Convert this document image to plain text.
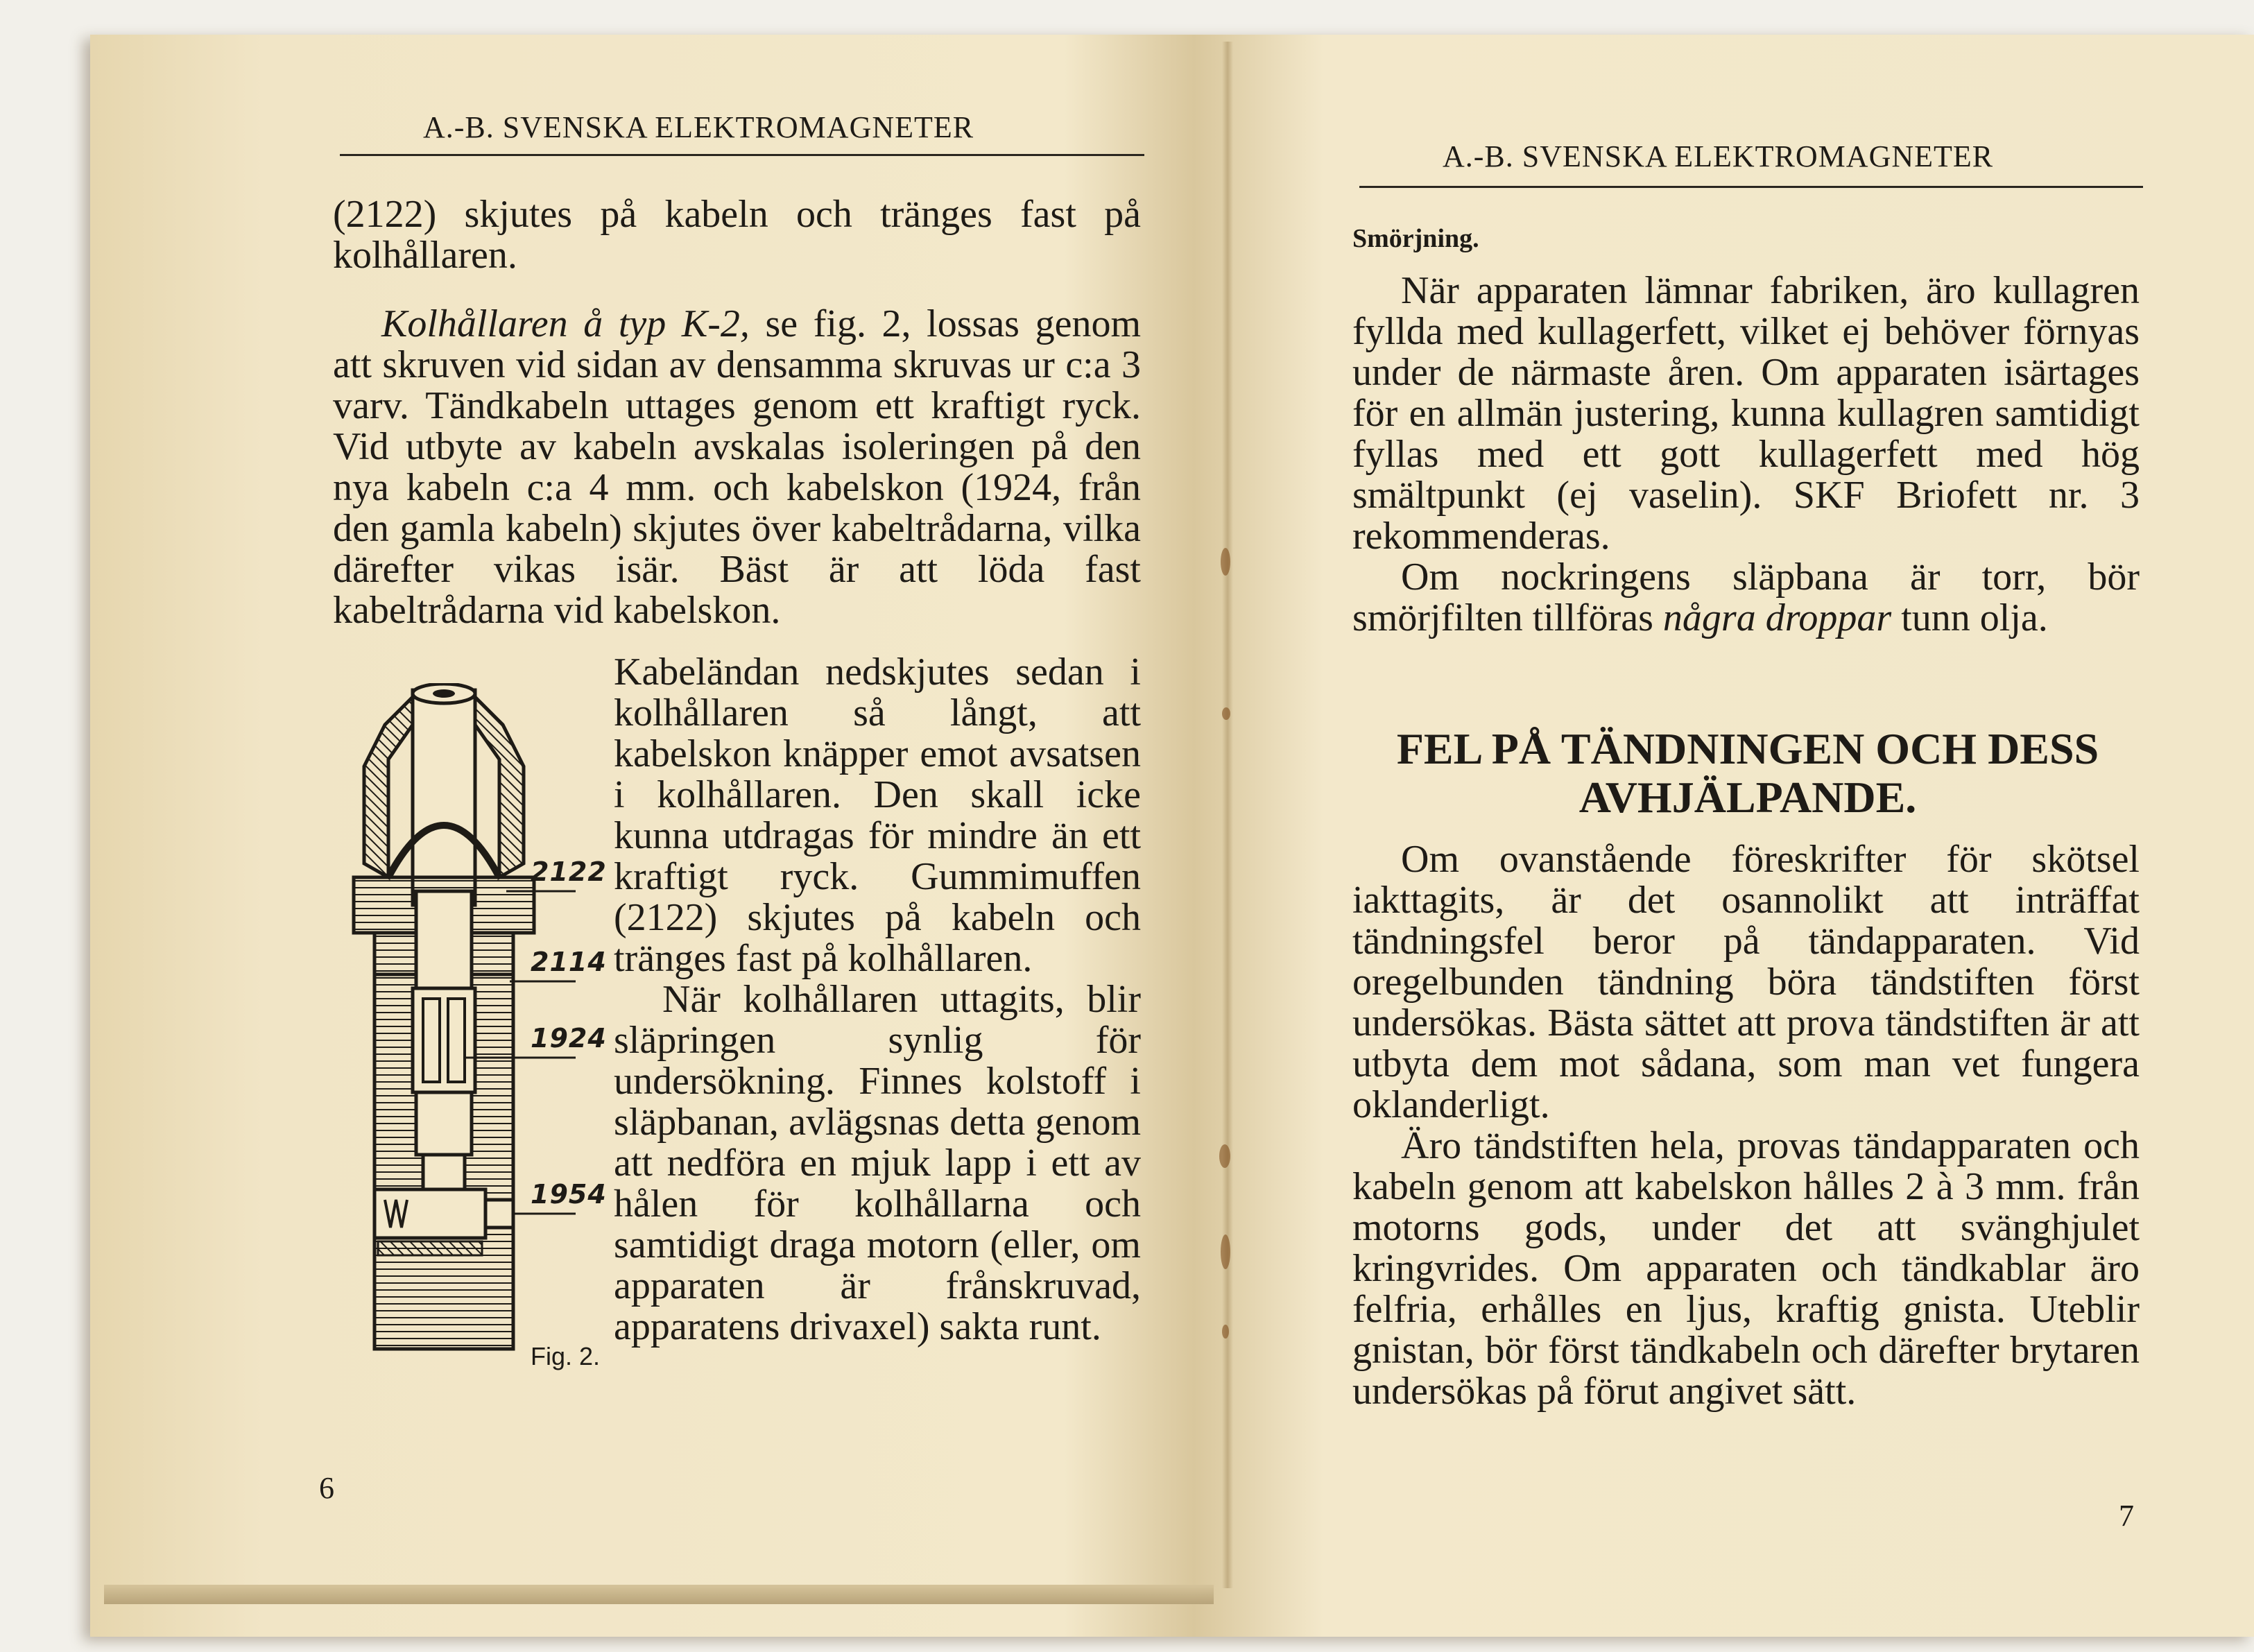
A.-B. SVENSKA ELEKTROMAGNETER

(2122) skjutes på kabeln och tränges fast på kolhållaren.

Kolhållaren å typ K-2, se fig. 2, lossas genom att skruven vid sidan av densamma skruvas ur c:a 3 varv. Tändkabeln uttages genom ett kraftigt ryck. Vid utbyte av kabeln avskalas isoleringen på den nya kabeln c:a 4 mm. och kabelskon (1924, från den gamla kabeln) skjutes över kabeltrådarna, vilka därefter vikas isär. Bäst är att löda fast kabeltrådarna vid kabelskon.

Kabeländan nedskjutes sedan i kolhållaren så långt, att kabelskon knäpper emot avsatsen i kolhållaren. Den skall icke kunna utdragas för mindre än ett kraftigt ryck. Gummimuffen (2122) skjutes på kabeln och tränges fast på kolhållaren.

När kolhållaren uttagits, blir släpringen synlig för undersökning. Finnes kolstoff i släpbanan, avlägsnas detta genom att nedföra en mjuk lapp i ett av hålen för kolhållarna och samtidigt draga motorn (eller, om apparaten är frånskruvad, apparatens drivaxel) sakta runt.

2122
2114
1924
1954
Fig. 2.
6
A.-B. SVENSKA ELEKTROMAGNETER
Smörjning.

När apparaten lämnar fabriken, äro kullagren fyllda med kullagerfett, vilket ej behöver förnyas under de närmaste åren. Om apparaten isärtages för en allmän justering, kunna kullagren samtidigt fyllas med ett gott kullagerfett med hög smältpunkt (ej vaselin). SKF Briofett nr. 3 rekommenderas.

Om nockringens släpbana är torr, bör smörjfilten tillföras några droppar tunn olja.

FEL PÅ TÄNDNINGEN OCH DESS AVHJÄLPANDE.

Om ovanstående föreskrifter för skötsel iakttagits, är det osannolikt att inträffat tändningsfel beror på tändapparaten. Vid oregelbunden tändning böra tändstiften först undersökas. Bästa sättet att prova tändstiften är att utbyta dem mot sådana, som man vet fungera oklanderligt.

Äro tändstiften hela, provas tändapparaten och kabeln genom att kabelskon hålles 2 à 3 mm. från motorns gods, under det att svänghjulet kringvrides. Om apparaten och tändkablar äro felfria, erhålles en ljus, kraftig gnista. Uteblir gnistan, bör först tändkabeln och därefter brytaren undersökas på förut angivet sätt.

7
